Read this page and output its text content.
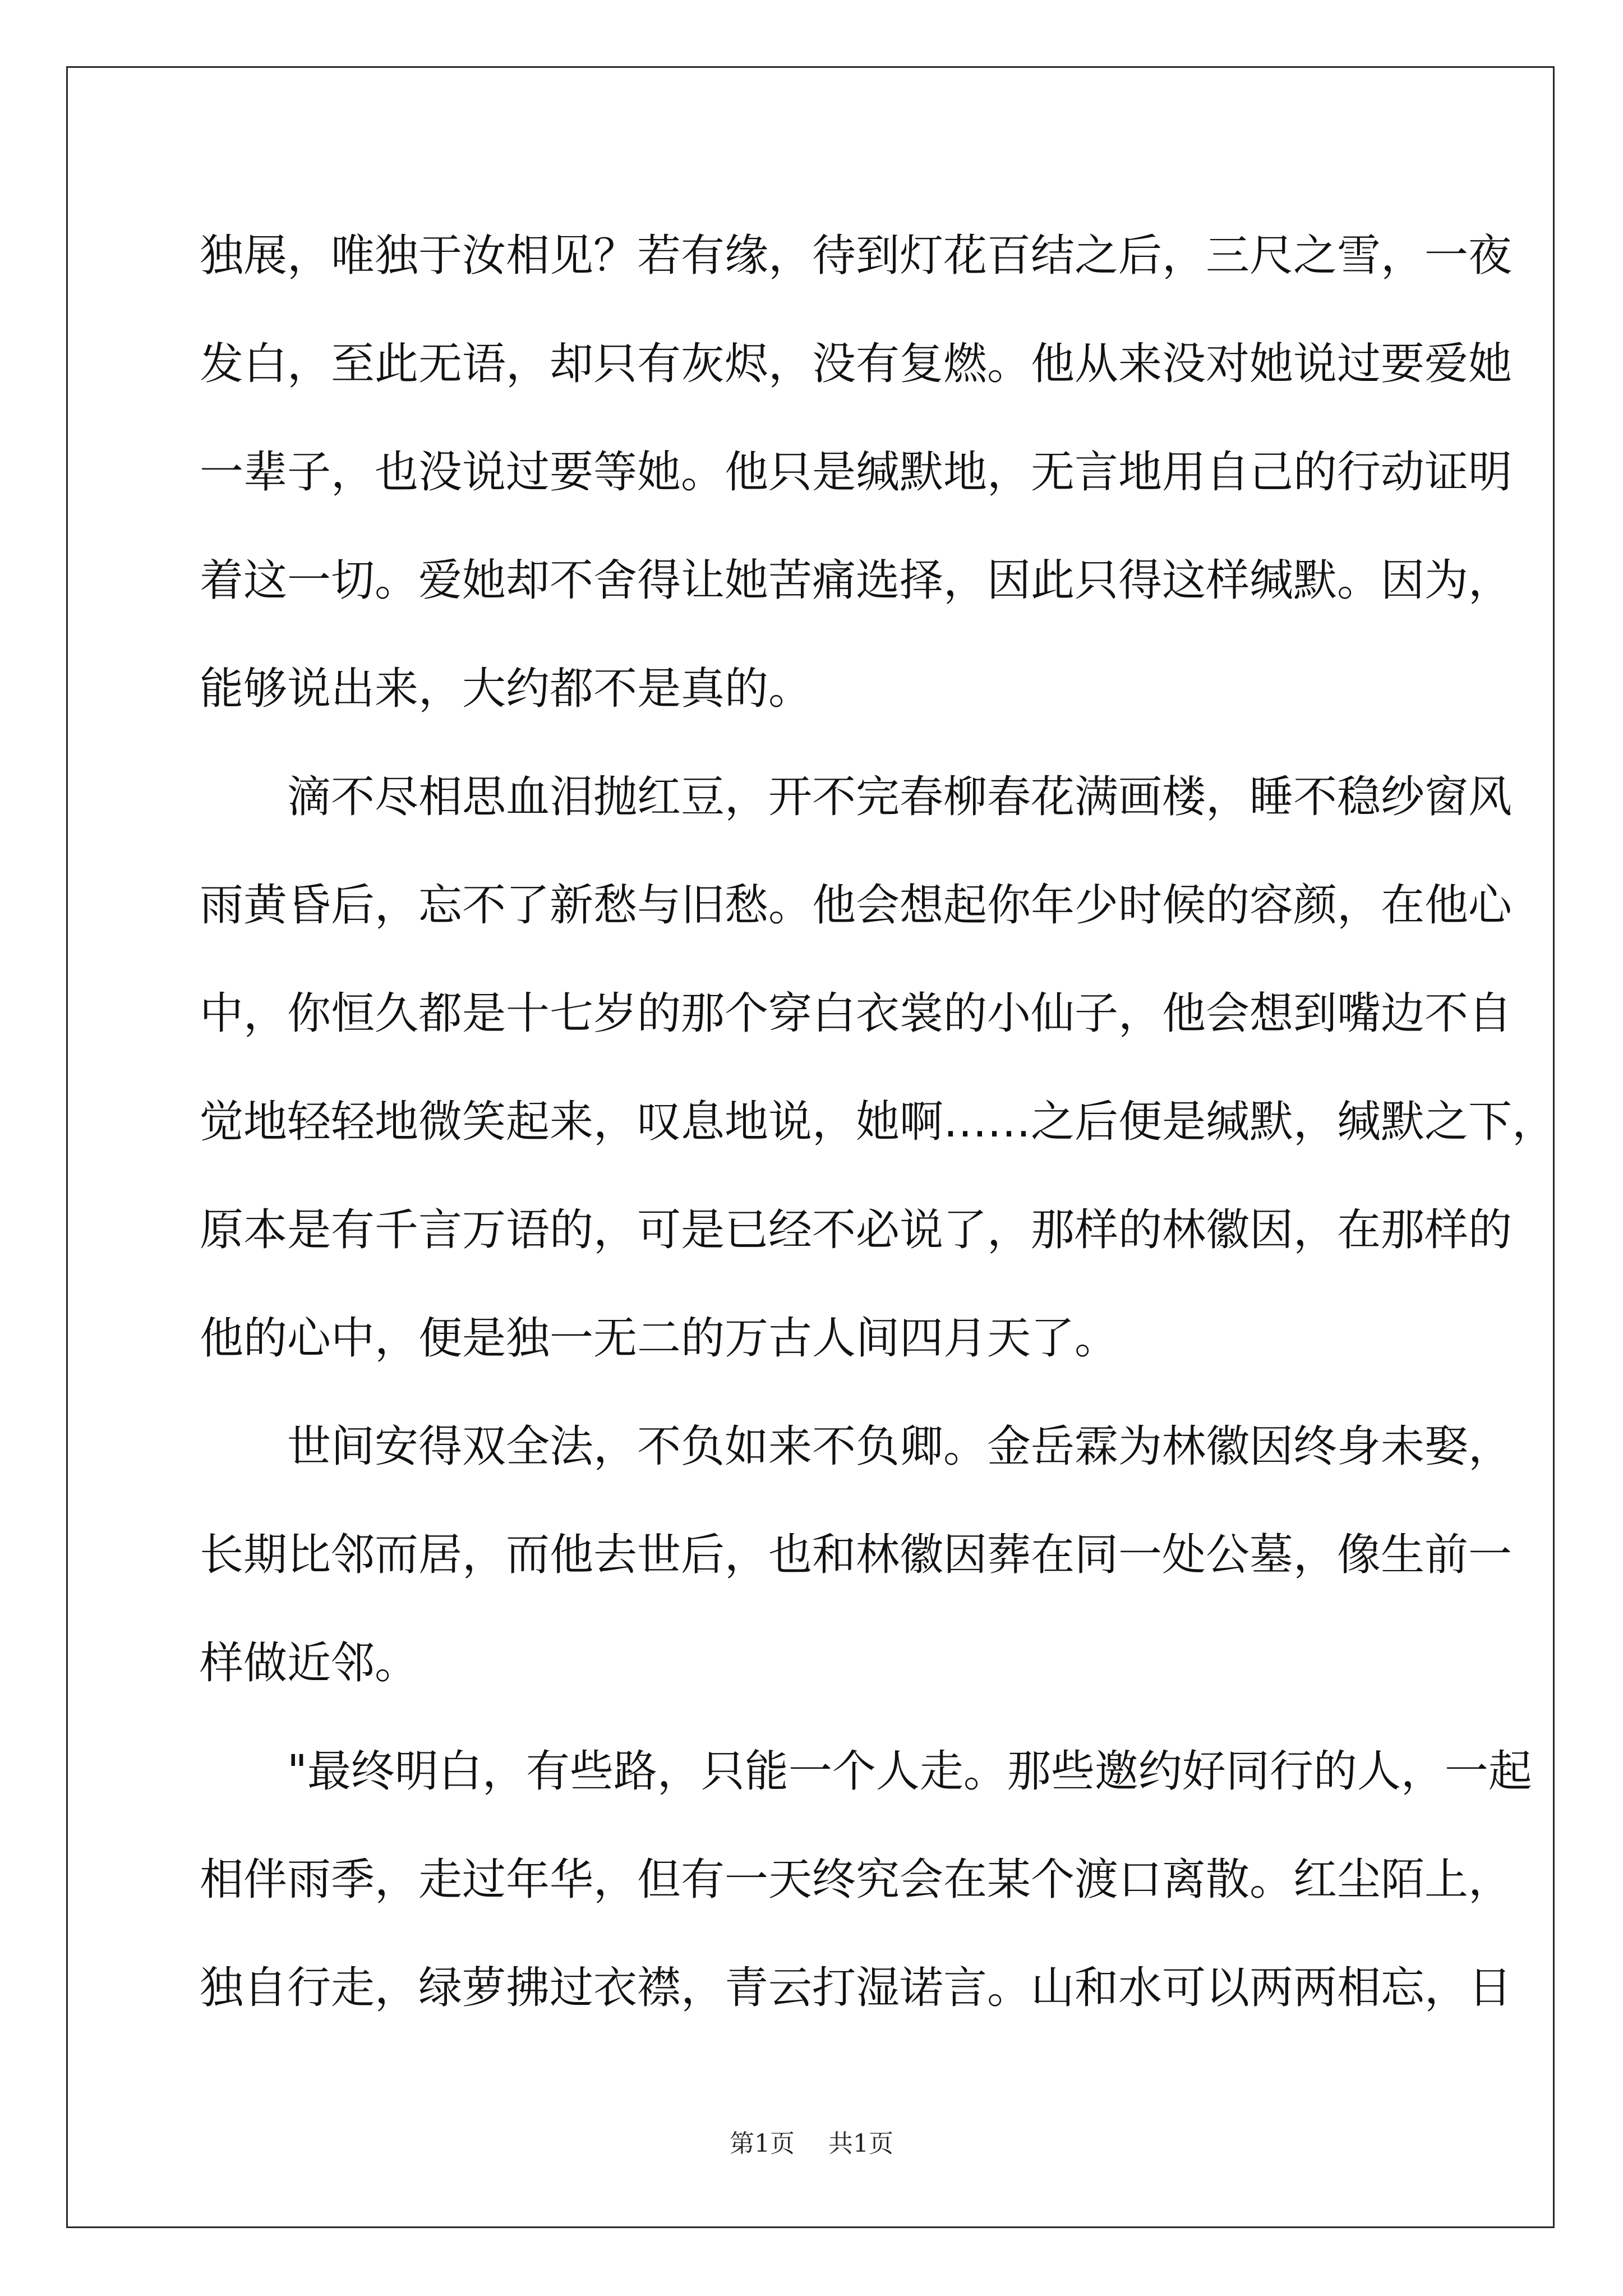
独展，唯独于汝相见？若有缘，待到灯花百结之后，三尺之雪，一夜
发白，至此无语，却只有灰烬，没有复燃。他从来没对她说过要爱她
一辈子，也没说过要等她。他只是缄默地，无言地用自己的行动证明
着这一切。爱她却不舍得让她苦痛选择，因此只得这样缄默。因为，
能够说出来，大约都不是真的。
　　滴不尽相思血泪抛红豆，开不完春柳春花满画楼，睡不稳纱窗风
雨黄昏后，忘不了新愁与旧愁。他会想起你年少时候的容颜，在他心
中，你恒久都是十七岁的那个穿白衣裳的小仙子，他会想到嘴边不自
觉地轻轻地微笑起来，叹息地说，她啊……之后便是缄默，缄默之下，
原本是有千言万语的，可是已经不必说了，那样的林徽因，在那样的
他的心中，便是独一无二的万古人间四月天了。
　　世间安得双全法，不负如来不负卿。金岳霖为林徽因终身未娶，
长期比邻而居，而他去世后，也和林徽因葬在同一处公墓，像生前一
样做近邻。
　　"最终明白，有些路，只能一个人走。那些邀约好同行的人，一起
相伴雨季，走过年华，但有一天终究会在某个渡口离散。红尘陌上，
独自行走，绿萝拂过衣襟，青云打湿诺言。山和水可以两两相忘，日
第1页 共1页
